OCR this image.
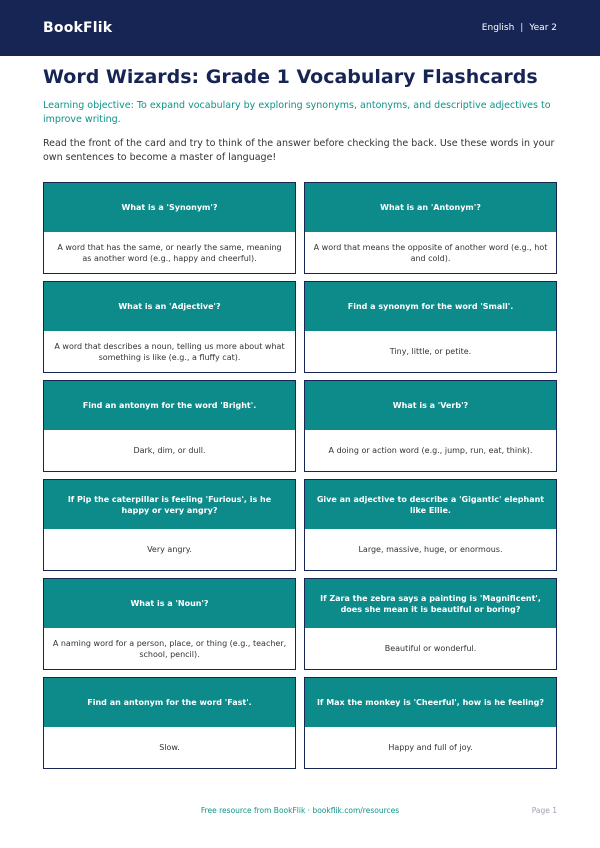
BookFlik	English | Year 2
Word Wizards: Grade 1 Vocabulary Flashcards

Learning objective: To expand vocabulary by exploring synonyms, antonyms, and descriptive adjectives to improve writing.

Read the front of the card and try to think of the answer before checking the back. Use these words in your own sentences to become a master of language!

What is a 'Synonym'?
A word that has the same, or nearly the same, meaning as another word (e.g., happy and cheerful).
What is an 'Antonym'?
A word that means the opposite of another word (e.g., hot and cold).
What is an 'Adjective'?
A word that describes a noun, telling us more about what something is like (e.g., a fluffy cat).
Find a synonym for the word 'Small'.
Tiny, little, or petite.
Find an antonym for the word 'Bright'.
Dark, dim, or dull.
What is a 'Verb'?
A doing or action word (e.g., jump, run, eat, think).
If Pip the caterpillar is feeling 'Furious', is he happy or very angry?
Very angry.
Give an adjective to describe a 'Gigantic' elephant like Ellie.
Large, massive, huge, or enormous.
What is a 'Noun'?
A naming word for a person, place, or thing (e.g., teacher, school, pencil).
If Zara the zebra says a painting is 'Magnificent', does she mean it is beautiful or boring?
Beautiful or wonderful.
Find an antonym for the word 'Fast'.
Slow.
If Max the monkey is 'Cheerful', how is he feeling?
Happy and full of joy.
Free resource from BookFlik · bookflik.com/resources	Page 1
